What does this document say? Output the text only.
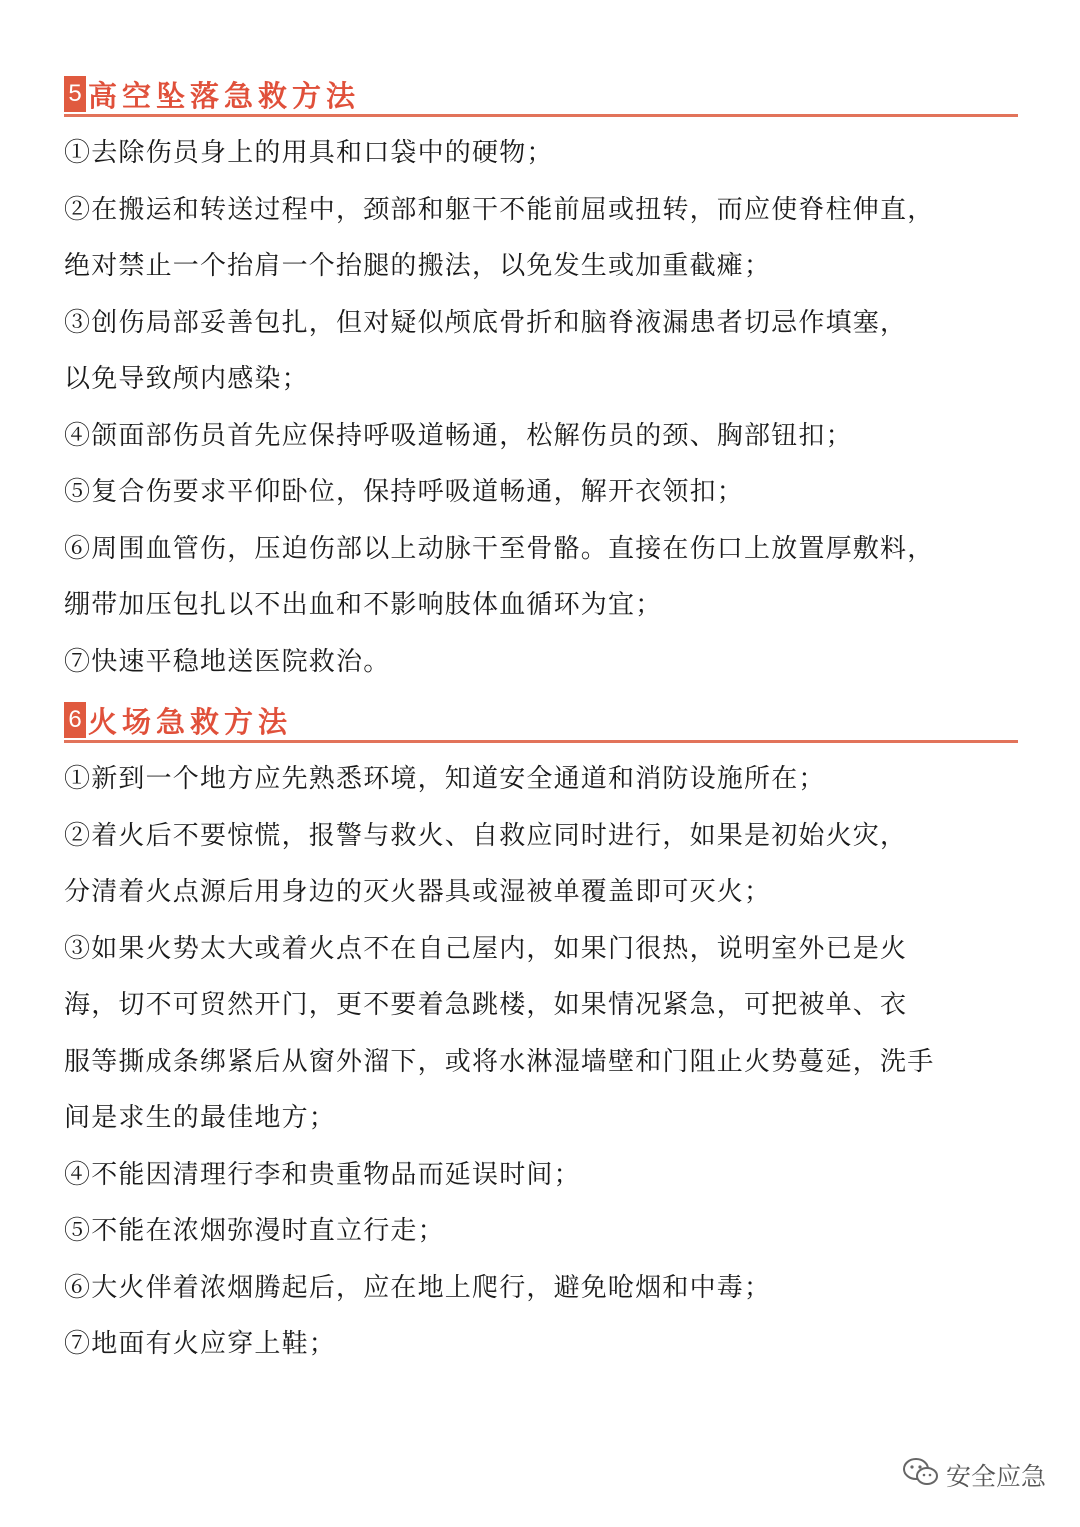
5 高空坠落急救方法
①去除伤员身上的用具和口袋中的硬物；
②在搬运和转送过程中，颈部和躯干不能前屈或扭转，而应使脊柱伸直，
绝对禁止一个抬肩一个抬腿的搬法，以免发生或加重截瘫；
③创伤局部妥善包扎，但对疑似颅底骨折和脑脊液漏患者切忌作填塞，
以免导致颅内感染；
④颌面部伤员首先应保持呼吸道畅通，松解伤员的颈、胸部钮扣；
⑤复合伤要求平仰卧位，保持呼吸道畅通，解开衣领扣；
⑥周围血管伤，压迫伤部以上动脉干至骨骼。直接在伤口上放置厚敷料，
绷带加压包扎以不出血和不影响肢体血循环为宜；
⑦快速平稳地送医院救治。
6 火场急救方法
①新到一个地方应先熟悉环境，知道安全通道和消防设施所在；
②着火后不要惊慌，报警与救火、自救应同时进行，如果是初始火灾，
分清着火点源后用身边的灭火器具或湿被单覆盖即可灭火；
③如果火势太大或着火点不在自己屋内，如果门很热，说明室外已是火
海，切不可贸然开门，更不要着急跳楼，如果情况紧急，可把被单、衣
服等撕成条绑紧后从窗外溜下，或将水淋湿墙壁和门阻止火势蔓延，洗手
间是求生的最佳地方；
④不能因清理行李和贵重物品而延误时间；
⑤不能在浓烟弥漫时直立行走；
⑥大火伴着浓烟腾起后，应在地上爬行，避免呛烟和中毒；
⑦地面有火应穿上鞋；
安全应急
